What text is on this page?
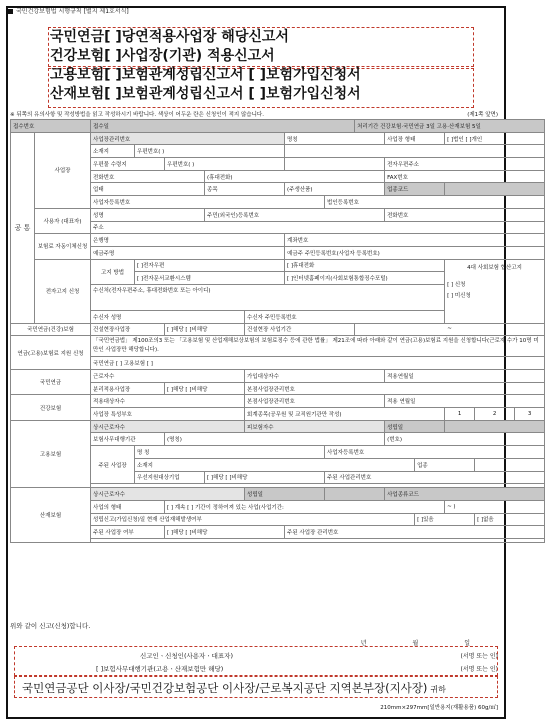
국민건강보험법 시행규칙 [별지 제1호서식]
국민연금[ ]당연적용사업장 해당신고서
건강보험[ ]사업장(기관) 적용신고서
고용보험[ ]보험관계성립신고서 [ ]보험가입신청서
산재보험[ ]보험관계성립신고서 [ ]보험가입신청서
※ 뒤쪽의 유의사항 및 작성방법을 읽고 작성하시기 바랍니다. 색상이 어두운 란은 신청인이 적지 않습니다.	(제1쪽 앞면)
접수번호		접수일							처리기간 건강보험·국민연금 3일 고용·산재보험 5일					
공 통	사업장	사업장관리번호					명칭			사업장 형태		[ ]법인 [ ]개인		
		소재지	우편번호( )											
		우편물 수령지		우편번호( )						전자우편주소				
		전화번호			(휴대전화)					FAX번호				
		업태			종목		(주생산품)			업종코드				
		사업자등록번호						법인등록번호						
	사용자 (대표자)	성명			주민(외국인)등록번호					전화번호				
		주소												
	보험료 자동이체신청	은행명					계좌번호							
		예금주명					예금주 주민등록번호(사업자 등록번호)							
	전자고지 신청	고지 방법	[ ]전자우편				[ ]휴대전화					4대 사회보험 합산고지
[ ] 신청
[ ] 미신청		

			[ ]전자문서교환시스템				[ ]인터넷홈페이지(사회보험통합징수포털)							
		수신처(전자우편주소, 휴대전화번호 또는 아이디)												
		수신자 성명				수신자 주민등록번호								
국민연금(건강)보험		건설현장사업장		[ ]해당 [ ]비해당		건설현장 사업기간			~					
연금(고용)보험료 지원 신청		「국민연금법」 제100조의3 또는 「고용보험 및 산업재해보상보험의 보험료징수 등에 관한 법률」 제21조에 따라 아래와 같이 연금(고용)보험료 지원을 신청합니다(근로자 수가 10명 미만인 사업장만 해당합니다).												

		국민연금 [ ] 고용보험 [ ]												
국민연금		근로자수				가입대상자수				적용연월일				
		분리적용사업장		[ ]해당 [ ]비해당		본점사업장관리번호								
건강보험		적용대상자수				본점사업장관리번호				적용 연월일				
		사업장 특성부호				회계종목(공무원 및 교직원기관만 작성)						1	2	3
고용보험		상시근로자수				피보험자수				성립일				
		보험사무대행기관		(명칭)						(번호)				
		주된 사업장	명 칭					사업자등록번호						
			소재지								업종			
			우선지원대상기업		[ ]해당 [ ]비해당			주된 사업관리번호						

산재보험		상시근로자수				성립일				사업종류코드				
		사업의 형태		[ ] 계속 [ ] 기간이 정하여져 있는 사업(사업기간:								~ )		
		성립신고(가입신청)일 현재 산업재해발생여부									[ ]있음		[ ]없음	
		주된 사업장 여부		[ ]해당 [ ]비해당			주된 사업장 관리번호							

위와 같이 신고(신청)합니다.
년 월 일
신고인ㆍ신청인(사용자ㆍ대표자)	(서명 또는 인)
[ ]보험사무대행기관(고용ㆍ산재보험만 해당)	(서명 또는 인)
국민연금공단 이사장/국민건강보험공단 이사장/근로복지공단 지역본부장(지사장) 귀하
210mm×297mm[일반용지(재활용품) 60g/㎡]
